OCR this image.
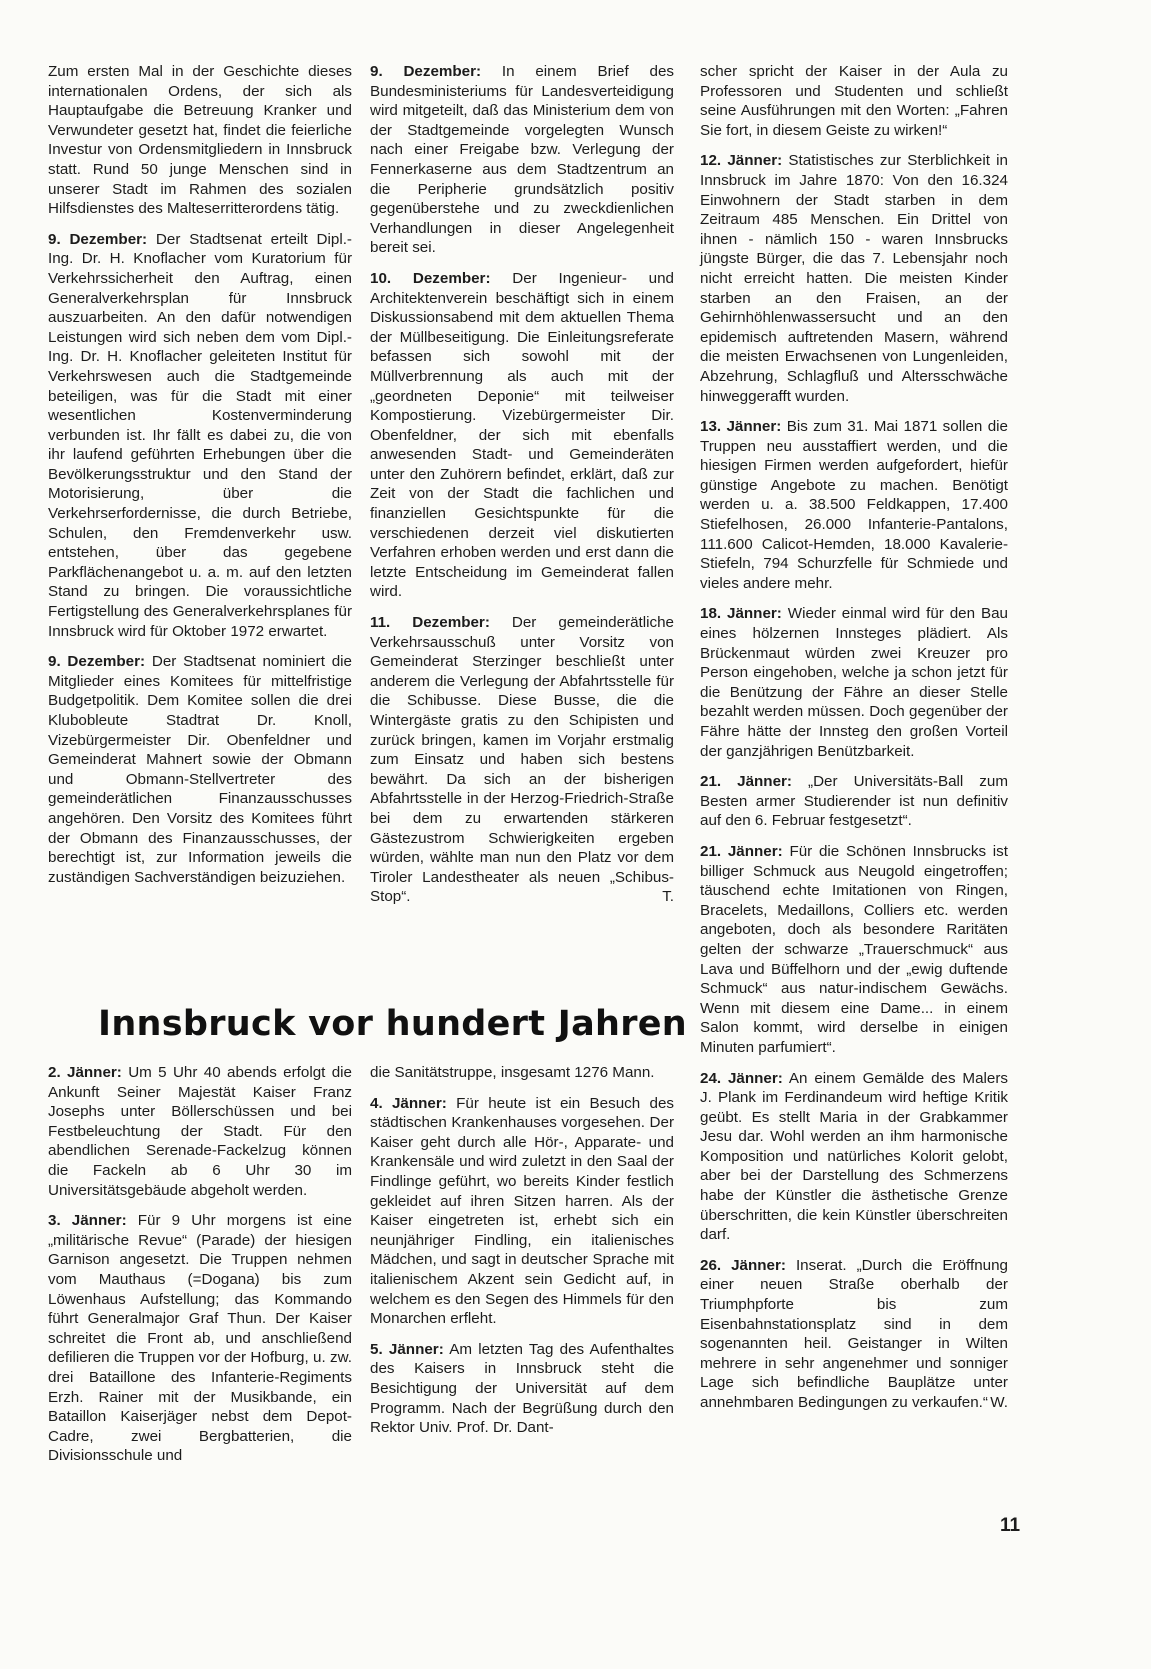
Zum ersten Mal in der Geschichte dieses internationalen Ordens, der sich als Hauptaufgabe die Betreuung Kranker und Verwundeter gesetzt hat, findet die feierliche Investur von Ordensmitgliedern in Innsbruck statt. Rund 50 junge Menschen sind in unserer Stadt im Rahmen des sozialen Hilfsdienstes des Malteserritterordens tätig.

9. Dezember: Der Stadtsenat erteilt Dipl.-Ing. Dr. H. Knoflacher vom Kuratorium für Verkehrssicherheit den Auftrag, einen Generalverkehrsplan für Innsbruck auszuarbeiten. An den dafür notwendigen Leistungen wird sich neben dem vom Dipl.-Ing. Dr. H. Knoflacher geleiteten Institut für Verkehrswesen auch die Stadtgemeinde beteiligen, was für die Stadt mit einer wesentlichen Kostenverminderung verbunden ist. Ihr fällt es dabei zu, die von ihr laufend geführten Erhebungen über die Bevölkerungsstruktur und den Stand der Motorisierung, über die Verkehrserfordernisse, die durch Betriebe, Schulen, den Fremdenverkehr usw. entstehen, über das gegebene Parkflächenangebot u. a. m. auf den letzten Stand zu bringen. Die voraussichtliche Fertigstellung des Generalverkehrsplanes für Innsbruck wird für Oktober 1972 erwartet.

9. Dezember: Der Stadtsenat nominiert die Mitglieder eines Komitees für mittelfristige Budgetpolitik. Dem Komitee sollen die drei Klubobleute Stadtrat Dr. Knoll, Vizebürgermeister Dir. Obenfeldner und Gemeinderat Mahnert sowie der Obmann und Obmann-Stellvertreter des gemeinderätlichen Finanzausschusses angehören. Den Vorsitz des Komitees führt der Obmann des Finanzausschusses, der berechtigt ist, zur Information jeweils die zuständigen Sachverständigen beizuziehen.

9. Dezember: In einem Brief des Bundesministeriums für Landesverteidigung wird mitgeteilt, daß das Ministerium dem von der Stadtgemeinde vorgelegten Wunsch nach einer Freigabe bzw. Verlegung der Fennerkaserne aus dem Stadtzentrum an die Peripherie grundsätzlich positiv gegenüberstehe und zu zweckdienlichen Verhandlungen in dieser Angelegenheit bereit sei.

10. Dezember: Der Ingenieur- und Architektenverein beschäftigt sich in einem Diskussionsabend mit dem aktuellen Thema der Müllbeseitigung. Die Einleitungsreferate befassen sich sowohl mit der Müllverbrennung als auch mit der „geordneten Deponie“ mit teilweiser Kompostierung. Vizebürgermeister Dir. Obenfeldner, der sich mit ebenfalls anwesenden Stadt- und Gemeinderäten unter den Zuhörern befindet, erklärt, daß zur Zeit von der Stadt die fachlichen und finanziellen Gesichtspunkte für die verschiedenen derzeit viel diskutierten Verfahren erhoben werden und erst dann die letzte Entscheidung im Gemeinderat fallen wird.

11. Dezember: Der gemeinderätliche Verkehrsausschuß unter Vorsitz von Gemeinderat Sterzinger beschließt unter anderem die Verlegung der Abfahrtsstelle für die Schibusse. Diese Busse, die die Wintergäste gratis zu den Schipisten und zurück bringen, kamen im Vorjahr erstmalig zum Einsatz und haben sich bestens bewährt. Da sich an der bisherigen Abfahrtsstelle in der Herzog-Friedrich-Straße bei dem zu erwartenden stärkeren Gästezustrom Schwierigkeiten ergeben würden, wählte man nun den Platz vor dem Tiroler Landestheater als neuen „Schibus-Stop“.	T.

scher spricht der Kaiser in der Aula zu Professoren und Studenten und schließt seine Ausführungen mit den Worten: „Fahren Sie fort, in diesem Geiste zu wirken!“

12. Jänner: Statistisches zur Sterblichkeit in Innsbruck im Jahre 1870: Von den 16.324 Einwohnern der Stadt starben in dem Zeitraum 485 Menschen. Ein Drittel von ihnen - nämlich 150 - waren Innsbrucks jüngste Bürger, die das 7. Lebensjahr noch nicht erreicht hatten. Die meisten Kinder starben an den Fraisen, an der Gehirnhöhlenwassersucht und an den epidemisch auftretenden Masern, während die meisten Erwachsenen von Lungenleiden, Abzehrung, Schlagfluß und Altersschwäche hinweggerafft wurden.

13. Jänner: Bis zum 31. Mai 1871 sollen die Truppen neu ausstaffiert werden, und die hiesigen Firmen werden aufgefordert, hiefür günstige Angebote zu machen. Benötigt werden u. a. 38.500 Feldkappen, 17.400 Stiefelhosen, 26.000 Infanterie-Pantalons, 111.600 Calicot-Hemden, 18.000 Kavalerie-Stiefeln, 794 Schurzfelle für Schmiede und vieles andere mehr.

18. Jänner: Wieder einmal wird für den Bau eines hölzernen Innsteges plädiert. Als Brückenmaut würden zwei Kreuzer pro Person eingehoben, welche ja schon jetzt für die Benützung der Fähre an dieser Stelle bezahlt werden müssen. Doch gegenüber der Fähre hätte der Innsteg den großen Vorteil der ganzjährigen Benützbarkeit.

21. Jänner: „Der Universitäts-Ball zum Besten armer Studierender ist nun definitiv auf den 6. Februar festgesetzt“.

21. Jänner: Für die Schönen Innsbrucks ist billiger Schmuck aus Neugold eingetroffen; täuschend echte Imitationen von Ringen, Bracelets, Medaillons, Colliers etc. werden angeboten, doch als besondere Raritäten gelten der schwarze „Trauerschmuck“ aus Lava und Büffelhorn und der „ewig duftende Schmuck“ aus natur-indischem Gewächs. Wenn mit diesem eine Dame... in einem Salon kommt, wird derselbe in einigen Minuten parfumiert“.

24. Jänner: An einem Gemälde des Malers J. Plank im Ferdinandeum wird heftige Kritik geübt. Es stellt Maria in der Grabkammer Jesu dar. Wohl werden an ihm harmonische Komposition und natürliches Kolorit gelobt, aber bei der Darstellung des Schmerzens habe der Künstler die ästhetische Grenze überschritten, die kein Künstler überschreiten darf.

26. Jänner: Inserat. „Durch die Eröffnung einer neuen Straße oberhalb der Triumphpforte bis zum Eisenbahnstationsplatz sind in dem sogenannten heil. Geistanger in Wilten mehrere in sehr angenehmer und sonniger Lage sich befindliche Bauplätze unter annehmbaren Bedingungen zu verkaufen.“ W.

Innsbruck vor hundert Jahren

2. Jänner: Um 5 Uhr 40 abends erfolgt die Ankunft Seiner Majestät Kaiser Franz Josephs unter Böllerschüssen und bei Festbeleuchtung der Stadt. Für den abendlichen Serenade-Fackelzug können die Fackeln ab 6 Uhr 30 im Universitätsgebäude abgeholt werden.

3. Jänner: Für 9 Uhr morgens ist eine „militärische Revue“ (Parade) der hiesigen Garnison angesetzt. Die Truppen nehmen vom Mauthaus (=Dogana) bis zum Löwenhaus Aufstellung; das Kommando führt Generalmajor Graf Thun. Der Kaiser schreitet die Front ab, und anschließend defilieren die Truppen vor der Hofburg, u. zw. drei Bataillone des Infanterie-Regiments Erzh. Rainer mit der Musikbande, ein Bataillon Kaiserjäger nebst dem Depot-Cadre, zwei Bergbatterien, die Divisionsschule und

die Sanitätstruppe, insgesamt 1276 Mann.

4. Jänner: Für heute ist ein Besuch des städtischen Krankenhauses vorgesehen. Der Kaiser geht durch alle Hör-, Apparate- und Krankensäle und wird zuletzt in den Saal der Findlinge geführt, wo bereits Kinder festlich gekleidet auf ihren Sitzen harren. Als der Kaiser eingetreten ist, erhebt sich ein neunjähriger Findling, ein italienisches Mädchen, und sagt in deutscher Sprache mit italienischem Akzent sein Gedicht auf, in welchem es den Segen des Himmels für den Monarchen erfleht.

5. Jänner: Am letzten Tag des Aufenthaltes des Kaisers in Innsbruck steht die Besichtigung der Universität auf dem Programm. Nach der Begrüßung durch den Rektor Univ. Prof. Dr. Dant-

11
